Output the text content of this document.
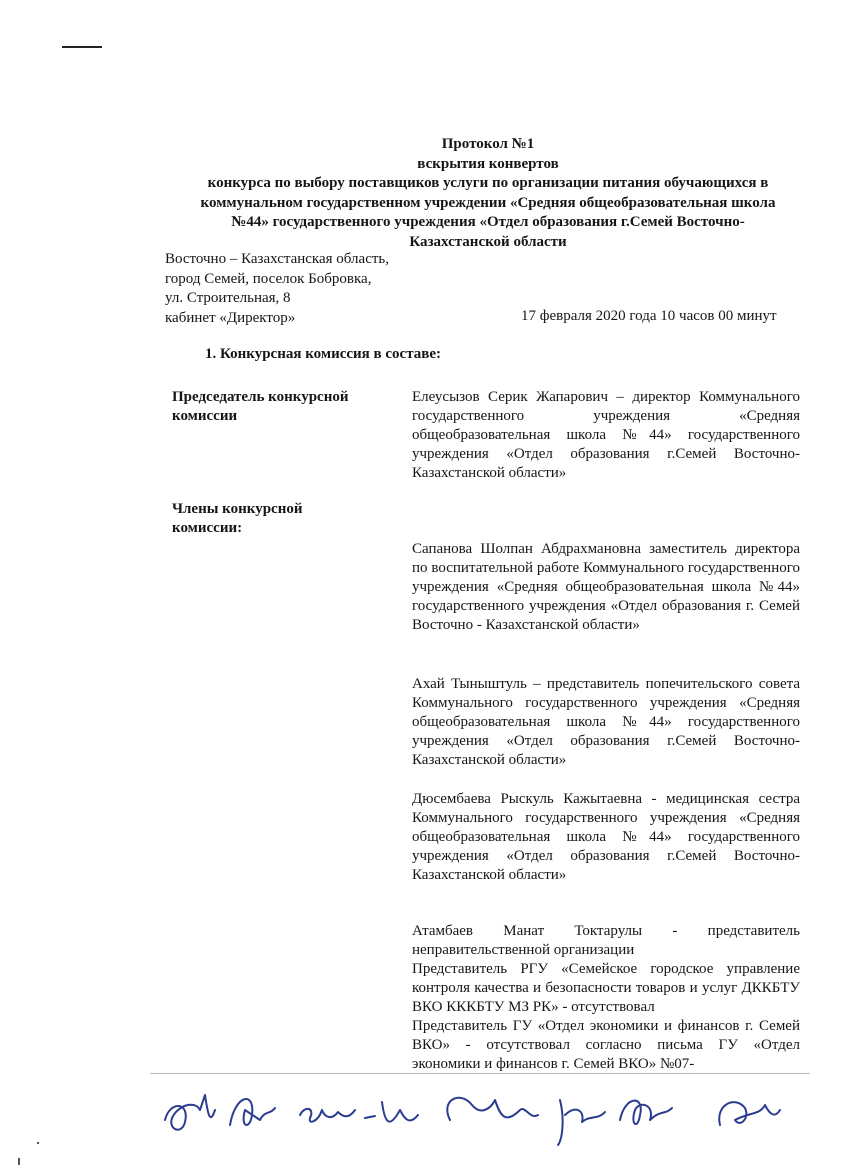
Протокол №1
вскрытия конвертов
конкурса по выбору поставщиков услуги по организации питания обучающихся в
коммунальном государственном учреждении «Средняя общеобразовательная школа
№44» государственного учреждения «Отдел образования г.Семей Восточно-
Казахстанской области
Восточно – Казахстанская область,
город Семей, поселок Бобровка,
ул. Строительная, 8
кабинет «Директор»	17 февраля 2020 года 10 часов 00 минут
1. Конкурсная комиссия в составе:
Председатель конкурсной комиссии
Елеусызов Серик Жапарович – директор Коммунального государственного учреждения «Средняя общеобразовательная школа №44» государственного учреждения «Отдел образования г.Семей Восточно-Казахстанской области»
Члены конкурсной комиссии:
Сапанова Шолпан Абдрахмановна заместитель директора по воспитательной работе Коммунального государственного учреждения «Средняя общеобразовательная школа №44» государственного учреждения «Отдел образования г. Семей Восточно - Казахстанской области»
Ахай Тыныштуль – представитель попечительского совета Коммунального государственного учреждения «Средняя общеобразовательная школа №44» государственного учреждения «Отдел образования г.Семей Восточно-Казахстанской области»
Дюсембаева Рыскуль Кажытаевна - медицинская сестра Коммунального государственного учреждения «Средняя общеобразовательная школа №44» государственного учреждения «Отдел образования г.Семей Восточно-Казахстанской области»
Атамбаев Манат Токтарулы - представитель неправительственной организации
Представитель РГУ «Семейское городское управление контроля качества и безопасности товаров и услуг ДККБТУ ВКО КККБТУ МЗ РК» - отсутствовал
Представитель ГУ «Отдел экономики и финансов г. Семей ВКО» - отсутствовал согласно письма ГУ «Отдел экономики и финансов г. Семей ВКО» №07-
